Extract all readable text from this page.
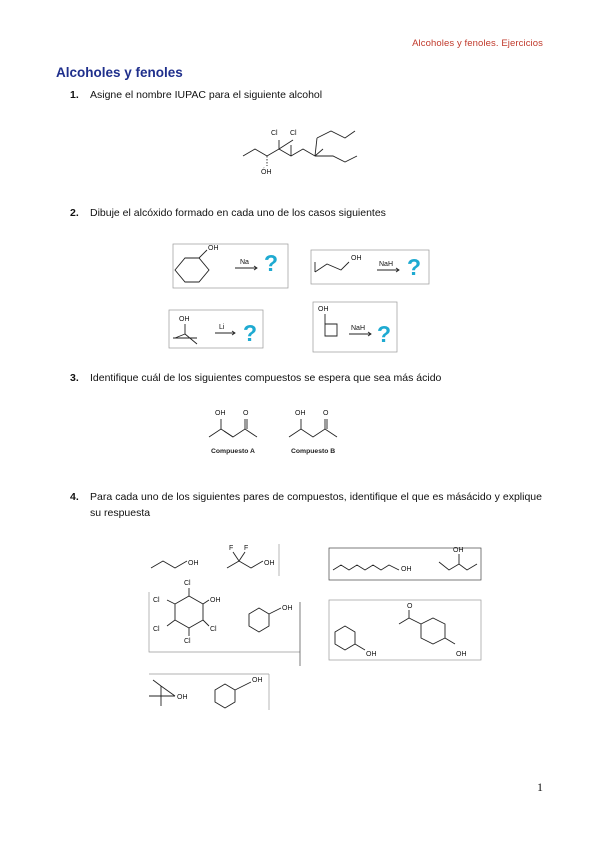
Alcoholes y fenoles. Ejercicios
Alcoholes y fenoles
1. Asigne el nombre IUPAC para el siguiente alcohol
Cl Cl
ÓH
2. Dibuje el alcóxido formado en cada uno de los casos siguientes
OH
Na ?	OH
NaH ?
OH
Li ?
OH
NaH ?
3. Identifique cuál de los siguientes compuestos se espera que sea más ácido
OH	O
Compuesto A
OH	O
Compuesto B
4.	Para cada uno de los siguientes pares de compuestos, identifique el que es másácido y explique su respuesta
OH
F F
OH
OH
OH
Cl
OH
Cl
Cl	Cl
Cl
OH
OH
O
OH
OH
OH
1
